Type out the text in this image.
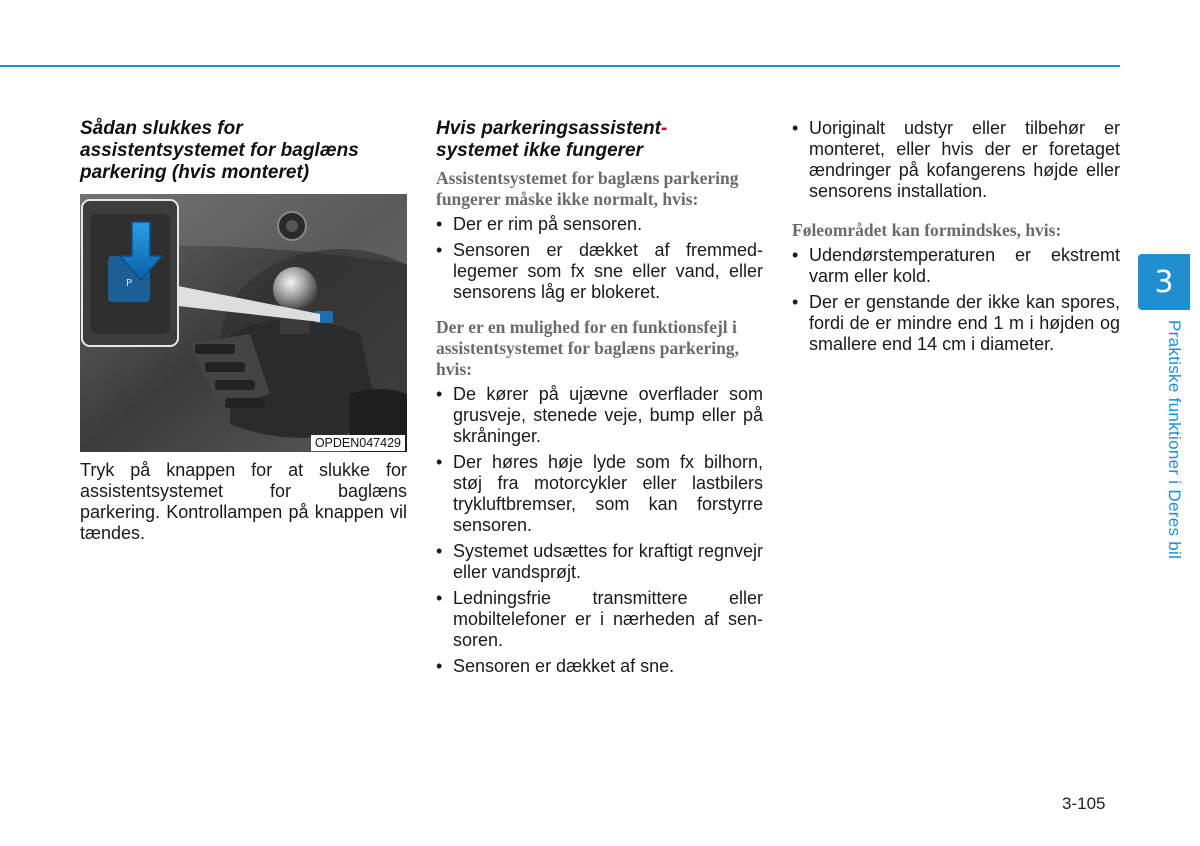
Sådan slukkes for
assistentsystemet for baglæns
parkering (hvis monteret)
P
OPDEN047429

Tryk på knappen for at slukke for assistentsystemet for baglæns parkering. Kontrollampen på knappen vil tændes.

Hvis parkeringsassistent-
systemet ikke fungerer
Assistentsystemet for baglæns parkering fungerer måske ikke normalt, hvis:
• Der er rim på sensoren.
• Sensoren er dækket af fremmed- legemer som fx sne eller vand, eller sensorens låg er blokeret.
Der er en mulighed for en funktionsfejl i assistentsystemet for baglæns parkering, hvis:
• De kører på ujævne overflader som grusveje, stenede veje, bump eller på skråninger.
• Der høres høje lyde som fx bilhorn, støj fra motorcykler eller lastbilers trykluftbremser, som kan forstyrre sensoren.
• Systemet udsættes for kraftigt regnvejr eller vandsprøjt.
• Ledningsfrie transmittere eller mobiltelefoner er i nærheden af sen- soren.
• Sensoren er dækket af sne.
• Uoriginalt udstyr eller tilbehør er monteret, eller hvis der er foretaget ændringer på kofangerens højde eller sensorens installation.
Føleområdet kan formindskes, hvis:
• Udendørstemperaturen er ekstremt varm eller kold.
• Der er genstande der ikke kan spores, fordi de er mindre end 1 m i højden og smallere end 14 cm i diameter.
3
Praktiske funktioner i Deres bil
3-105
